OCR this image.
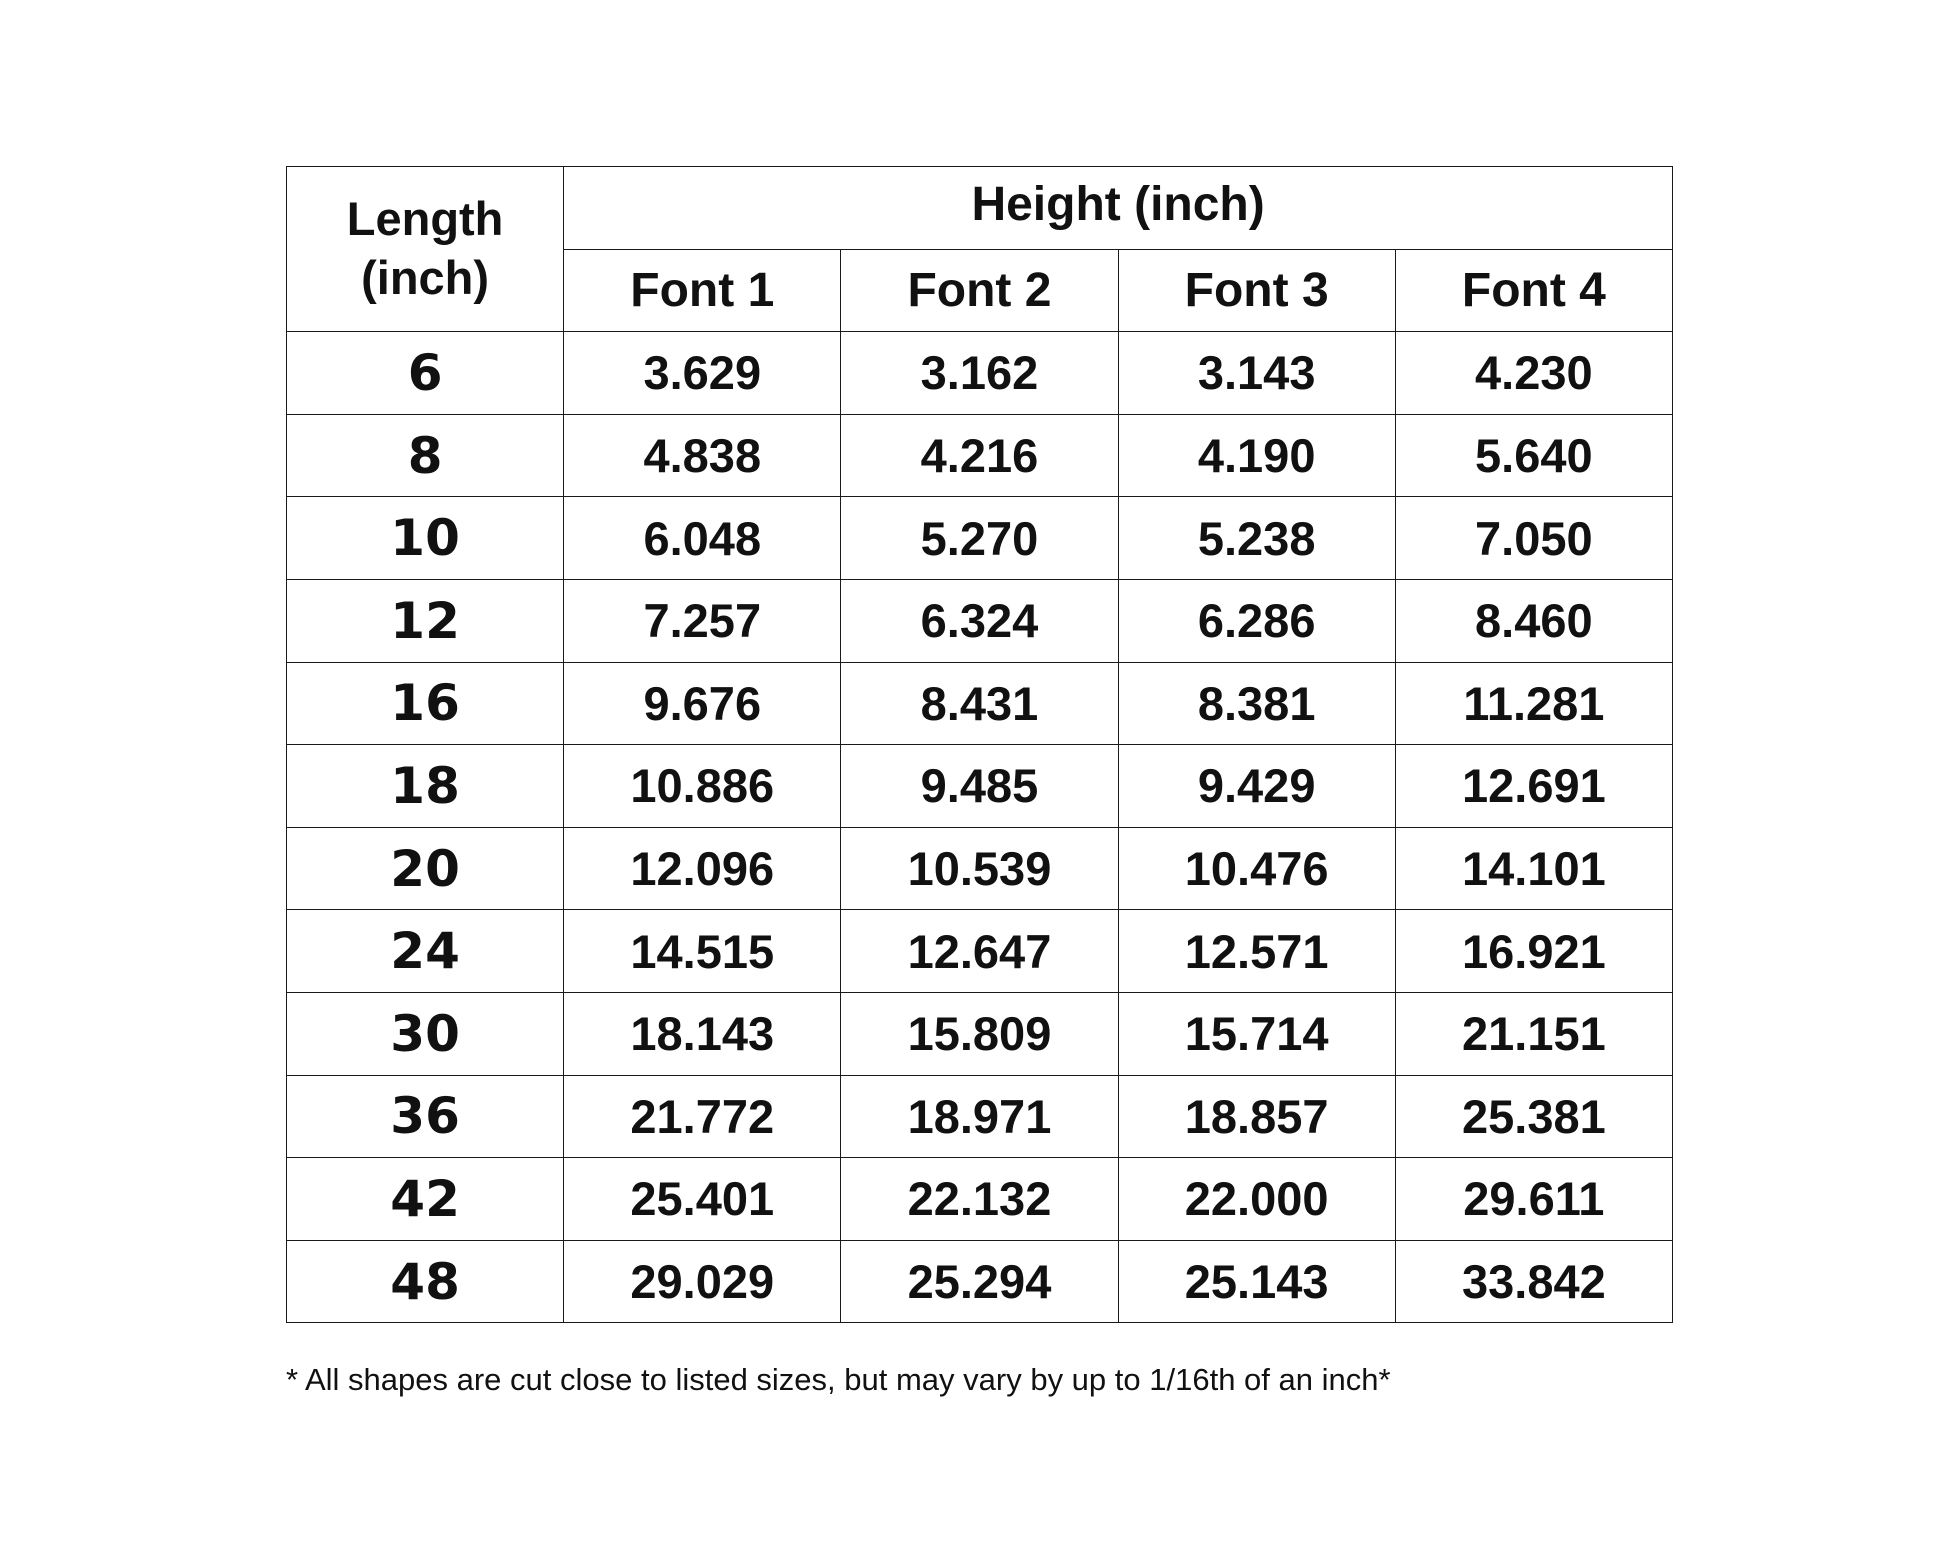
Length
(inch)	Height (inch)			
	Font 1	Font 2	Font 3	Font 4
6	3.629	3.162	3.143	4.230
8	4.838	4.216	4.190	5.640
10	6.048	5.270	5.238	7.050
12	7.257	6.324	6.286	8.460
16	9.676	8.431	8.381	11.281
18	10.886	9.485	9.429	12.691
20	12.096	10.539	10.476	14.101
24	14.515	12.647	12.571	16.921
30	18.143	15.809	15.714	21.151
36	21.772	18.971	18.857	25.381
42	25.401	22.132	22.000	29.611
48	29.029	25.294	25.143	33.842
* All shapes are cut close to listed sizes, but may vary by up to 1/16th of an inch*
